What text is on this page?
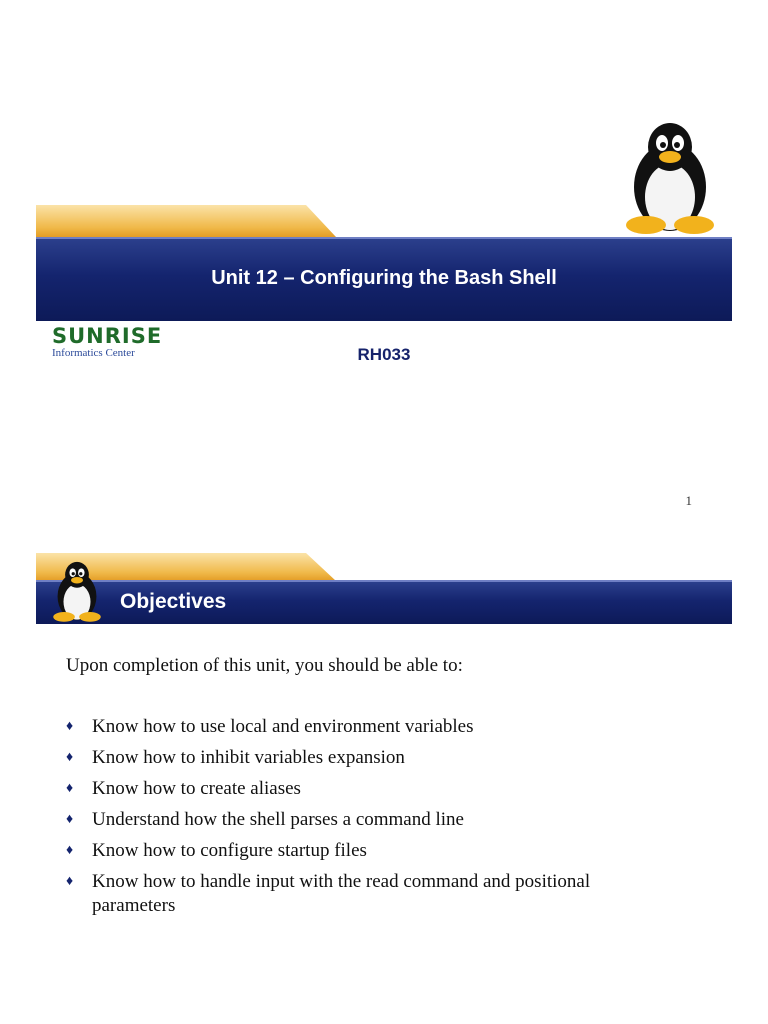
Unit 12 – Configuring the Bash Shell
SUNRISE
Informatics Center	RH033
1
Objectives
Upon completion of this unit, you should be able to:
♦ Know how to use local and environment variables
♦ Know how to inhibit variables expansion
♦ Know how to create aliases
♦ Understand how the shell parses a command line
♦ Know how to configure startup files
♦ Know how to handle input with the read command and positional parameters
